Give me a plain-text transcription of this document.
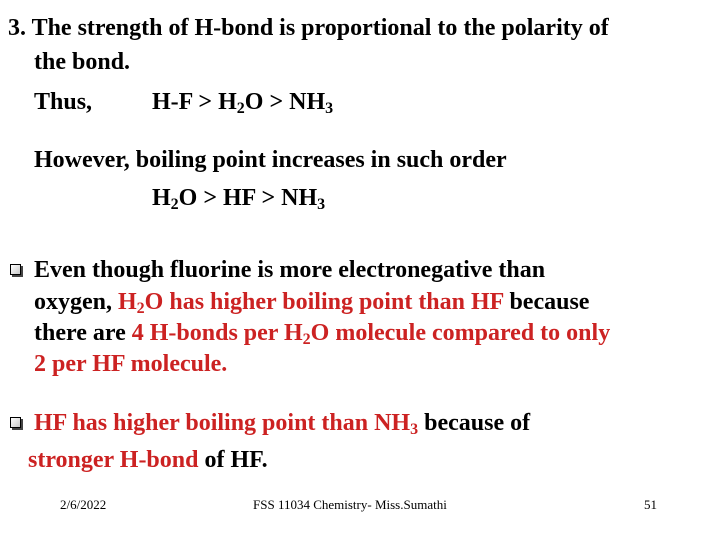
3. The strength of H-bond is proportional to the polarity of
the bond.
Thus, $H-F > H_2O > NH_3$
However, boiling point increases in such order
$H_2O$ > HF > $NH_3$
Even though fluorine is more electronegative than
oxygen, $H_2O$ has higher boiling point than HF because
there are 4 H-bonds per $H_2O$ molecule compared to only
2 per HF molecule.
HF has higher boiling point than $NH_3$ because of
stronger H-bond of HF.
2/6/2022	FSS 11034 Chemistry- Miss.Sumathi	51
